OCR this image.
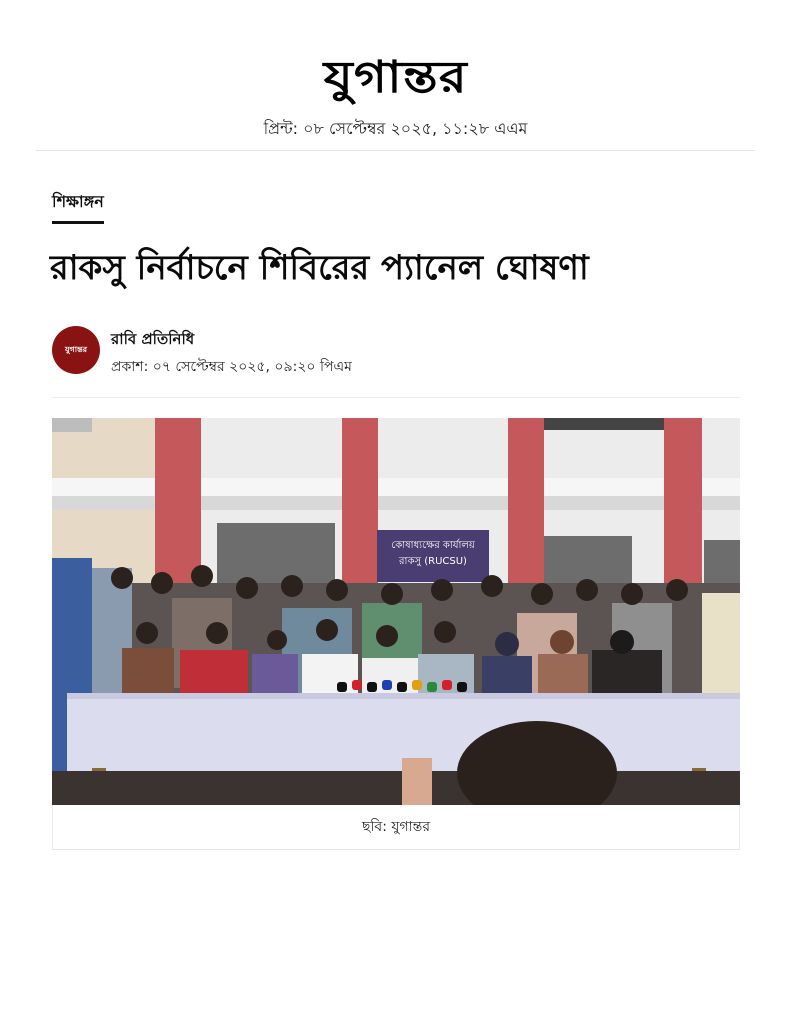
যুগান্তর
প্রিন্ট: ০৮ সেপ্টেম্বর ২০২৫, ১১:২৮ এএম
শিক্ষাঙ্গন
রাকসু নির্বাচনে শিবিরের প্যানেল ঘোষণা
যুগান্তর
রাবি প্রতিনিধি
প্রকাশ: ০৭ সেপ্টেম্বর ২০২৫, ০৯:২০ পিএম
কোষাধ্যক্ষের কার্যালয়
রাকসু (RUCSU)
ছবি: যুগান্তর
